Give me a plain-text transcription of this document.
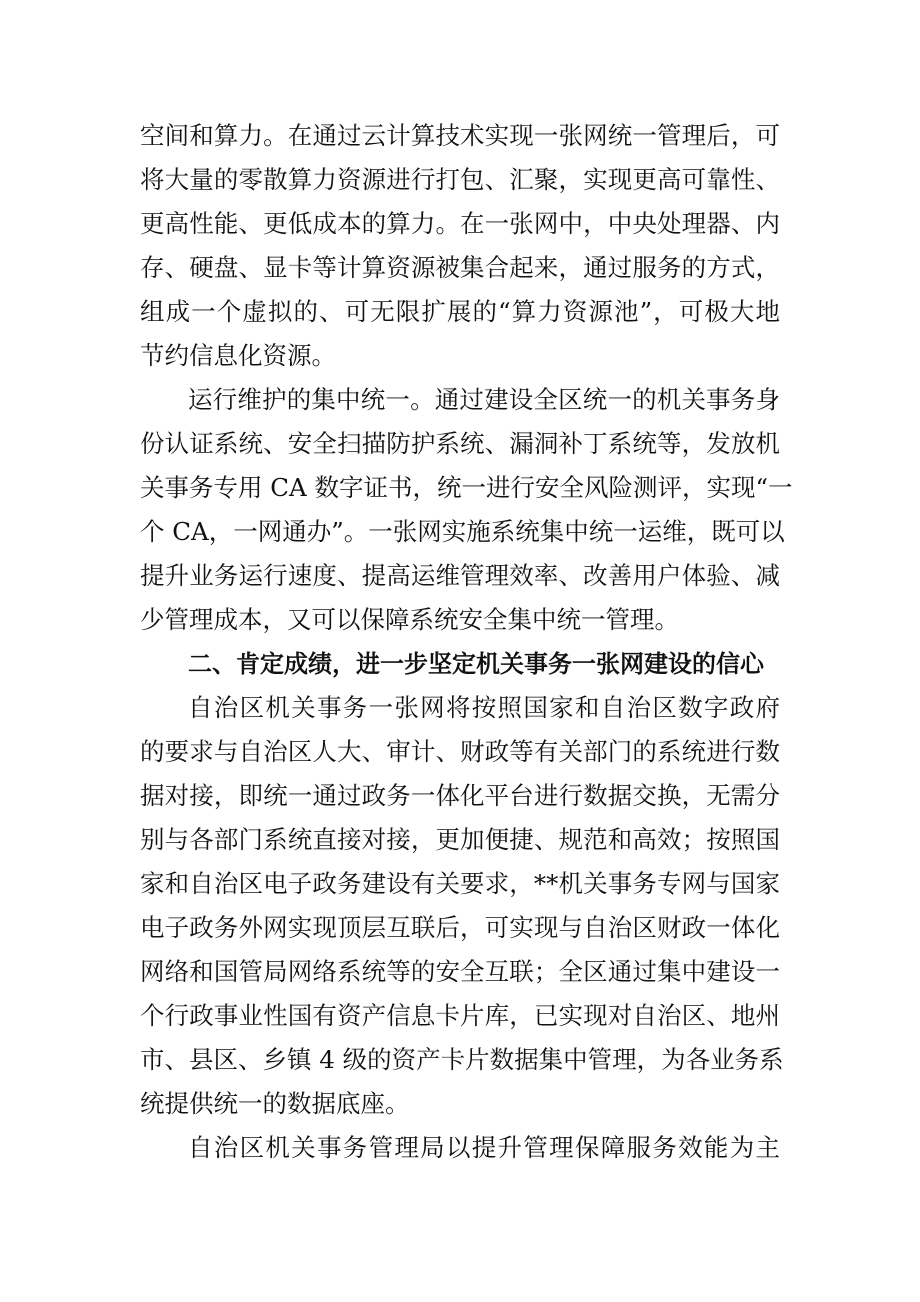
空间和算力。在通过云计算技术实现一张网统一管理后，可
将大量的零散算力资源进行打包、汇聚，实现更高可靠性、
更高性能、更低成本的算力。在一张网中，中央处理器、内
存、硬盘、显卡等计算资源被集合起来，通过服务的方式，
组成一个虚拟的、可无限扩展的“算力资源池”，可极大地
节约信息化资源。
运行维护的集中统一。通过建设全区统一的机关事务身
份认证系统、安全扫描防护系统、漏洞补丁系统等，发放机
关事务专用 CA 数字证书，统一进行安全风险测评，实现“一
个 CA，一网通办”。一张网实施系统集中统一运维，既可以
提升业务运行速度、提高运维管理效率、改善用户体验、减
少管理成本，又可以保障系统安全集中统一管理。
二、肯定成绩，进一步坚定机关事务一张网建设的信心
自治区机关事务一张网将按照国家和自治区数字政府
的要求与自治区人大、审计、财政等有关部门的系统进行数
据对接，即统一通过政务一体化平台进行数据交换，无需分
别与各部门系统直接对接，更加便捷、规范和高效；按照国
家和自治区电子政务建设有关要求，**机关事务专网与国家
电子政务外网实现顶层互联后，可实现与自治区财政一体化
网络和国管局网络系统等的安全互联；全区通过集中建设一
个行政事业性国有资产信息卡片库，已实现对自治区、地州
市、县区、乡镇 4 级的资产卡片数据集中管理，为各业务系
统提供统一的数据底座。
自治区机关事务管理局以提升管理保障服务效能为主
